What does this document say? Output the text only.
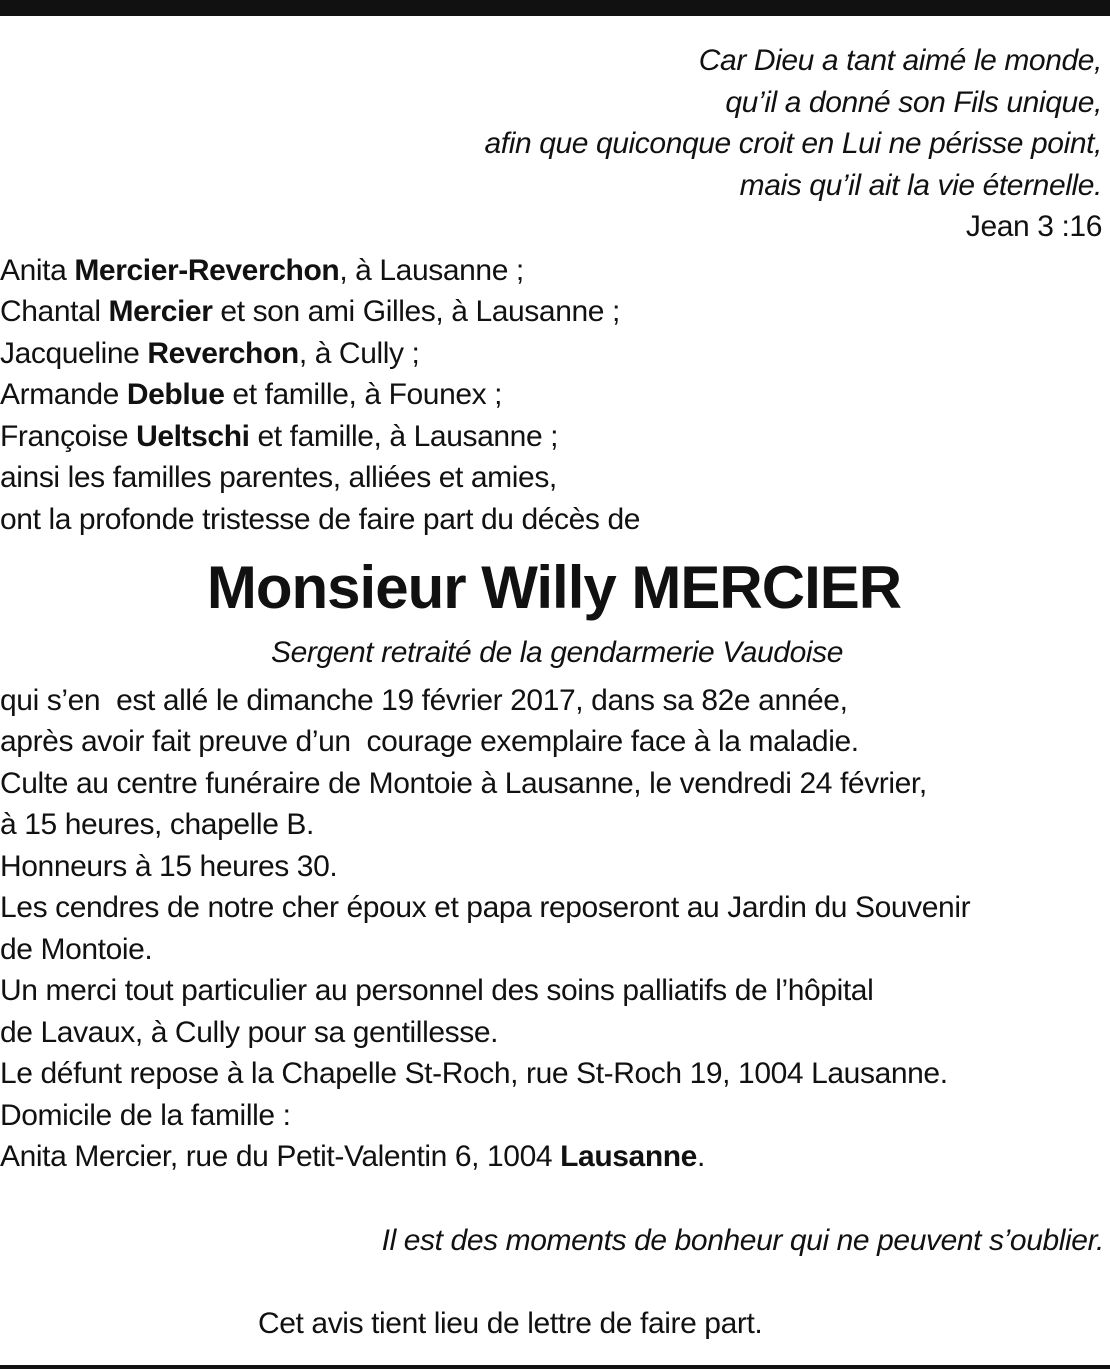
Car Dieu a tant aimé le monde,
qu’il a donné son Fils unique,
afin que quiconque croit en Lui ne périsse point,
mais qu’il ait la vie éternelle.
Jean 3 :16
Anita Mercier-Reverchon, à Lausanne ;
Chantal Mercier et son ami Gilles, à Lausanne ;
Jacqueline Reverchon, à Cully ;
Armande Deblue et famille, à Founex ;
Françoise Ueltschi et famille, à Lausanne ;
ainsi les familles parentes, alliées et amies,
ont la profonde tristesse de faire part du décès de
Monsieur Willy MERCIER
Sergent retraité de la gendarmerie Vaudoise
qui s’en  est allé le dimanche 19 février 2017, dans sa 82e année,
après avoir fait preuve d’un  courage exemplaire face à la maladie.
Culte au centre funéraire de Montoie à Lausanne, le vendredi 24 février,
à 15 heures, chapelle B.
Honneurs à 15 heures 30.
Les cendres de notre cher époux et papa reposeront au Jardin du Souvenir
de Montoie.
Un merci tout particulier au personnel des soins palliatifs de l’hôpital
de Lavaux, à Cully pour sa gentillesse.
Le défunt repose à la Chapelle St-Roch, rue St-Roch 19, 1004 Lausanne.
Domicile de la famille :
Anita Mercier, rue du Petit-Valentin 6, 1004 Lausanne.
Il est des moments de bonheur qui ne peuvent s’oublier.
Cet avis tient lieu de lettre de faire part.
